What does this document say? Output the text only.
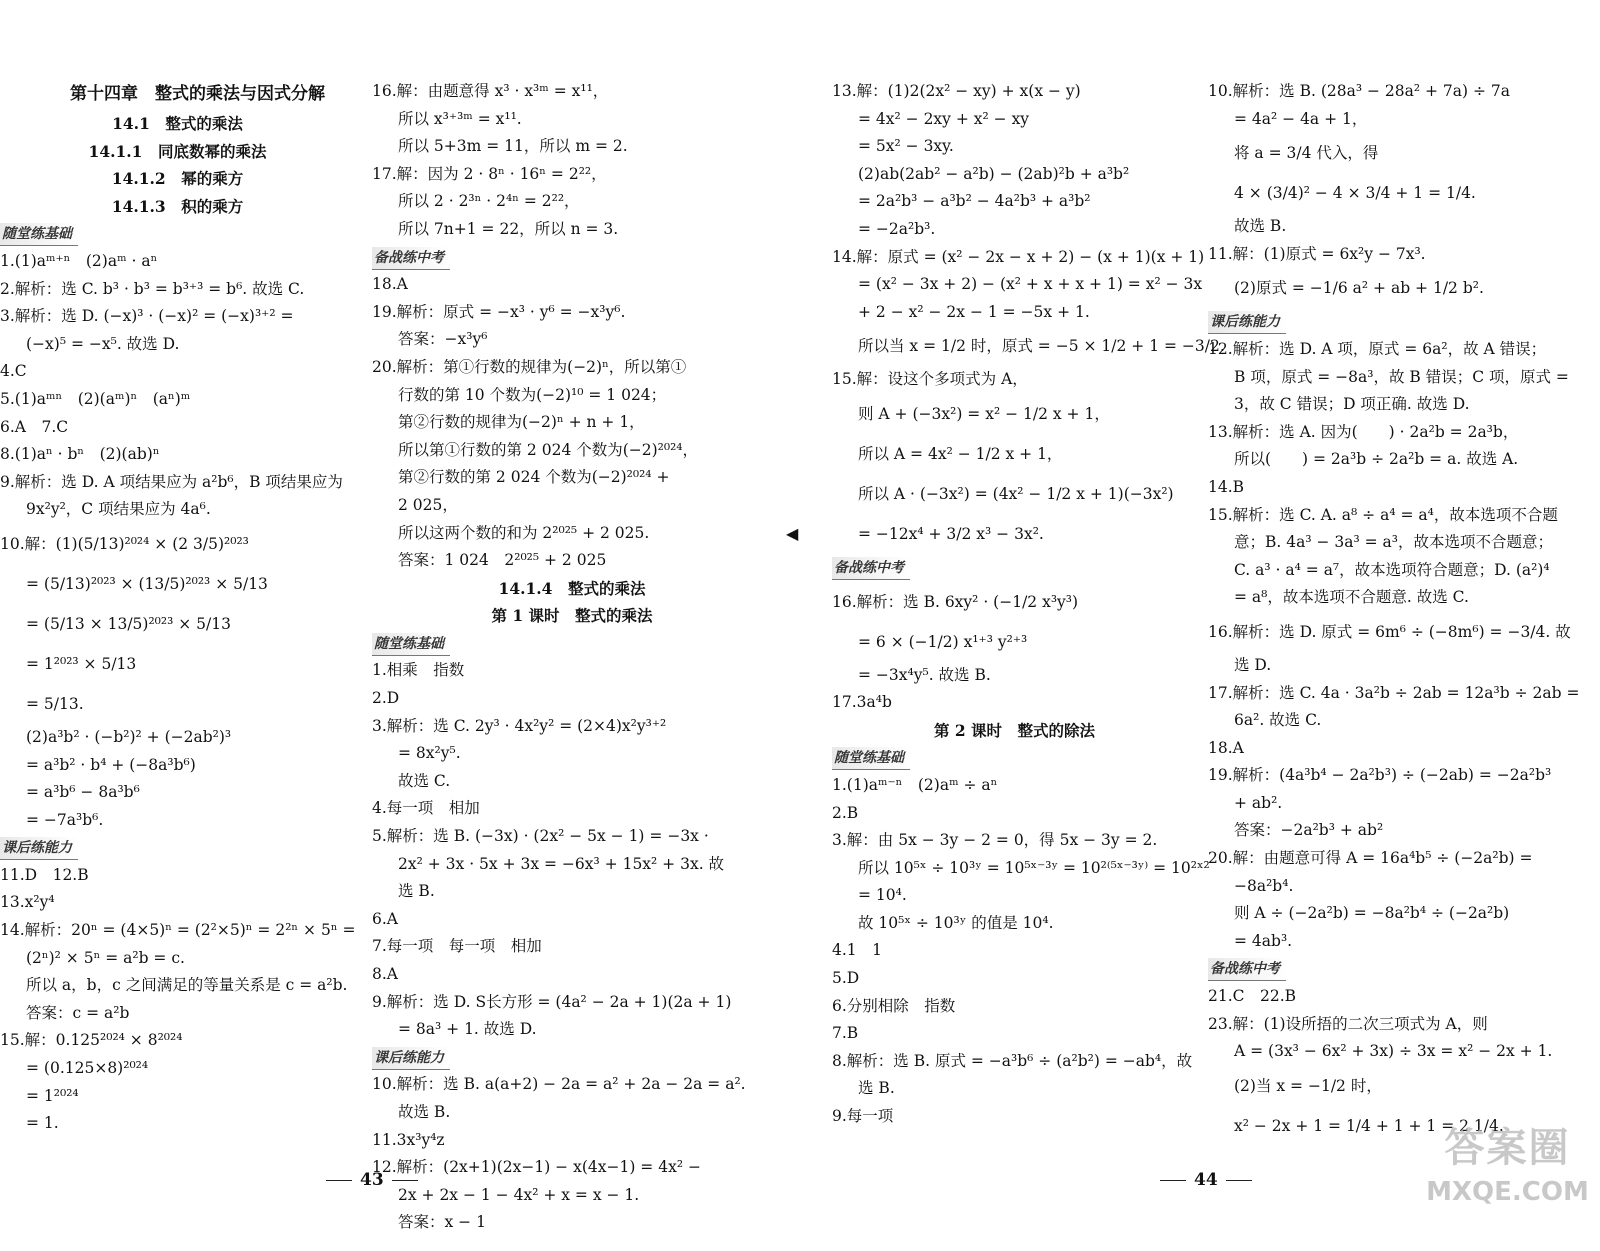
第十四章　整式的乘法与因式分解
14.1　整式的乘法
14.1.1　同底数幂的乘法
14.1.2　幂的乘方
14.1.3　积的乘方
随堂练基础
1.(1)aᵐ⁺ⁿ　(2)aᵐ · aⁿ
2.解析：选 C. b³ · b³ = b³⁺³ = b⁶. 故选 C.
3.解析：选 D. (−x)³ · (−x)² = (−x)³⁺² =
(−x)⁵ = −x⁵. 故选 D.
4.C
5.(1)aᵐⁿ　(2)(aᵐ)ⁿ　(aⁿ)ᵐ
6.A　7.C
8.(1)aⁿ · bⁿ　(2)(ab)ⁿ
9.解析：选 D. A 项结果应为 a²b⁶，B 项结果应为
9x²y²，C 项结果应为 4a⁶.
10.解：(1)(5/13)²⁰²⁴ × (2 3/5)²⁰²³
= (5/13)²⁰²³ × (13/5)²⁰²³ × 5/13
= (5/13 × 13/5)²⁰²³ × 5/13
= 1²⁰²³ × 5/13
= 5/13.
(2)a³b² · (−b²)² + (−2ab²)³
= a³b² · b⁴ + (−8a³b⁶)
= a³b⁶ − 8a³b⁶
= −7a³b⁶.
课后练能力
11.D　12.B
13.x²y⁴
14.解析：20ⁿ = (4×5)ⁿ = (2²×5)ⁿ = 2²ⁿ × 5ⁿ =
(2ⁿ)² × 5ⁿ = a²b = c.
所以 a，b，c 之间满足的等量关系是 c = a²b.
答案：c = a²b
15.解：0.125²⁰²⁴ × 8²⁰²⁴
= (0.125×8)²⁰²⁴
= 1²⁰²⁴
= 1.
16.解：由题意得 x³ · x³ᵐ = x¹¹，
所以 x³⁺³ᵐ = x¹¹.
所以 5+3m = 11，所以 m = 2.
17.解：因为 2 · 8ⁿ · 16ⁿ = 2²²，
所以 2 · 2³ⁿ · 2⁴ⁿ = 2²²，
所以 7n+1 = 22，所以 n = 3.
备战练中考
18.A
19.解析：原式 = −x³ · y⁶ = −x³y⁶.
答案：−x³y⁶
20.解析：第①行数的规律为(−2)ⁿ，所以第①
行数的第 10 个数为(−2)¹⁰ = 1 024；
第②行数的规律为(−2)ⁿ + n + 1，
所以第①行数的第 2 024 个数为(−2)²⁰²⁴，
第②行数的第 2 024 个数为(−2)²⁰²⁴ +
2 025，
所以这两个数的和为 2²⁰²⁵ + 2 025.
答案：1 024　2²⁰²⁵ + 2 025
14.1.4　整式的乘法
第 1 课时　整式的乘法
随堂练基础
1.相乘　指数
2.D
3.解析：选 C. 2y³ · 4x²y² = (2×4)x²y³⁺²
= 8x²y⁵.
故选 C.
4.每一项　相加
5.解析：选 B. (−3x) · (2x² − 5x − 1) = −3x ·
2x² + 3x · 5x + 3x = −6x³ + 15x² + 3x. 故
选 B.
6.A
7.每一项　每一项　相加
8.A
9.解析：选 D. S长方形 = (4a² − 2a + 1)(2a + 1)
= 8a³ + 1. 故选 D.
课后练能力
10.解析：选 B. a(a+2) − 2a = a² + 2a − 2a = a².
故选 B.
11.3x³y⁴z
12.解析：(2x+1)(2x−1) − x(4x−1) = 4x² −
2x + 2x − 1 − 4x² + x = x − 1.
答案：x − 1
◀
13.解：(1)2(2x² − xy) + x(x − y)
= 4x² − 2xy + x² − xy
= 5x² − 3xy.
(2)ab(2ab² − a²b) − (2ab)²b + a³b²
= 2a²b³ − a³b² − 4a²b³ + a³b²
= −2a²b³.
14.解：原式 = (x² − 2x − x + 2) − (x + 1)(x + 1)
= (x² − 3x + 2) − (x² + x + x + 1) = x² − 3x
+ 2 − x² − 2x − 1 = −5x + 1.
所以当 x = 1/2 时，原式 = −5 × 1/2 + 1 = −3/2.
15.解：设这个多项式为 A，
则 A + (−3x²) = x² − 1/2 x + 1，
所以 A = 4x² − 1/2 x + 1，
所以 A · (−3x²) = (4x² − 1/2 x + 1)(−3x²)
= −12x⁴ + 3/2 x³ − 3x².
备战练中考
16.解析：选 B. 6xy² · (−1/2 x³y³)
= 6 × (−1/2) x¹⁺³ y²⁺³
= −3x⁴y⁵. 故选 B.
17.3a⁴b
第 2 课时　整式的除法
随堂练基础
1.(1)aᵐ⁻ⁿ　(2)aᵐ ÷ aⁿ
2.B
3.解：由 5x − 3y − 2 = 0，得 5x − 3y = 2.
所以 10⁵ˣ ÷ 10³ʸ = 10⁵ˣ⁻³ʸ = 10²⁽⁵ˣ⁻³ʸ⁾ = 10²ˣ²
= 10⁴.
故 10⁵ˣ ÷ 10³ʸ 的值是 10⁴.
4.1　1
5.D
6.分别相除　指数
7.B
8.解析：选 B. 原式 = −a³b⁶ ÷ (a²b²) = −ab⁴，故
选 B.
9.每一项
10.解析：选 B. (28a³ − 28a² + 7a) ÷ 7a
= 4a² − 4a + 1，
将 a = 3/4 代入，得
4 × (3/4)² − 4 × 3/4 + 1 = 1/4.
故选 B.
11.解：(1)原式 = 6x²y − 7x³.
(2)原式 = −1/6 a² + ab + 1/2 b².
课后练能力
12.解析：选 D. A 项，原式 = 6a²，故 A 错误；
B 项，原式 = −8a³，故 B 错误；C 项，原式 =
3，故 C 错误；D 项正确. 故选 D.
13.解析：选 A. 因为(　　) · 2a²b = 2a³b，
所以(　　) = 2a³b ÷ 2a²b = a. 故选 A.
14.B
15.解析：选 C. A. a⁸ ÷ a⁴ = a⁴，故本选项不合题
意；B. 4a³ − 3a³ = a³，故本选项不合题意；
C. a³ · a⁴ = a⁷，故本选项符合题意；D. (a²)⁴
= a⁸，故本选项不合题意. 故选 C.
16.解析：选 D. 原式 = 6m⁶ ÷ (−8m⁶) = −3/4. 故
选 D.
17.解析：选 C. 4a · 3a²b ÷ 2ab = 12a³b ÷ 2ab =
6a². 故选 C.
18.A
19.解析：(4a³b⁴ − 2a²b³) ÷ (−2ab) = −2a²b³
+ ab².
答案：−2a²b³ + ab²
20.解：由题意可得 A = 16a⁴b⁵ ÷ (−2a²b) =
−8a²b⁴.
则 A ÷ (−2a²b) = −8a²b⁴ ÷ (−2a²b)
= 4ab³.
备战练中考
21.C　22.B
23.解：(1)设所捂的二次三项式为 A，则
A = (3x³ − 6x² + 3x) ÷ 3x = x² − 2x + 1.
(2)当 x = −1/2 时，
x² − 2x + 1 = 1/4 + 1 + 1 = 2 1/4.
43	44
答案圈
MXQE.COM
